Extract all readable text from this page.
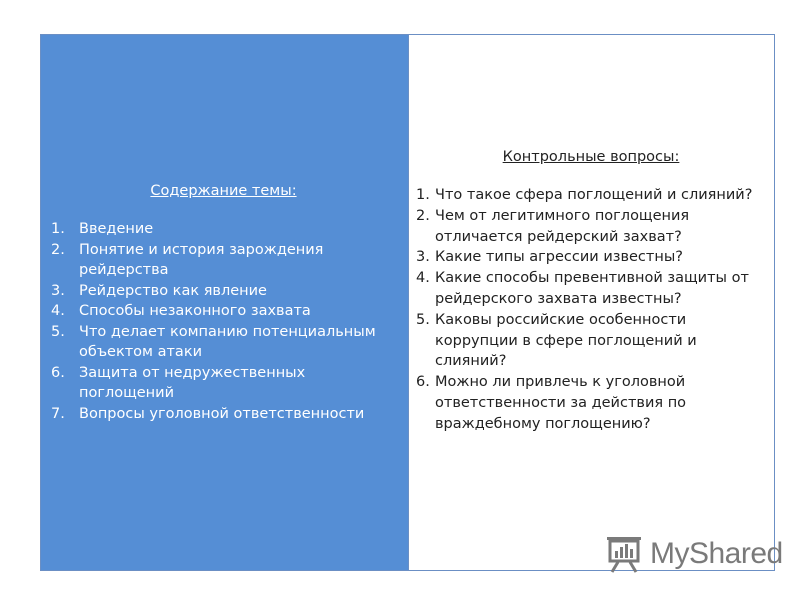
Содержание темы:
1. Введение
2. Понятие и история зарождения рейдерства
3. Рейдерство как явление
4. Способы незаконного захвата
5. Что делает компанию потенциальным объектом атаки
6. Защита от недружественных поглощений
7. Вопросы уголовной ответственности
Контрольные вопросы:
1. Что такое сфера поглощений и слияний?
2. Чем от легитимного поглощения отличается рейдерский захват?
3. Какие типы агрессии известны?
4. Какие способы превентивной защиты от рейдерского захвата известны?
5. Каковы российские особенности коррупции в сфере поглощений и слияний?
6. Можно ли привлечь к уголовной ответственности за действия по враждебному поглощению?
MyShared
